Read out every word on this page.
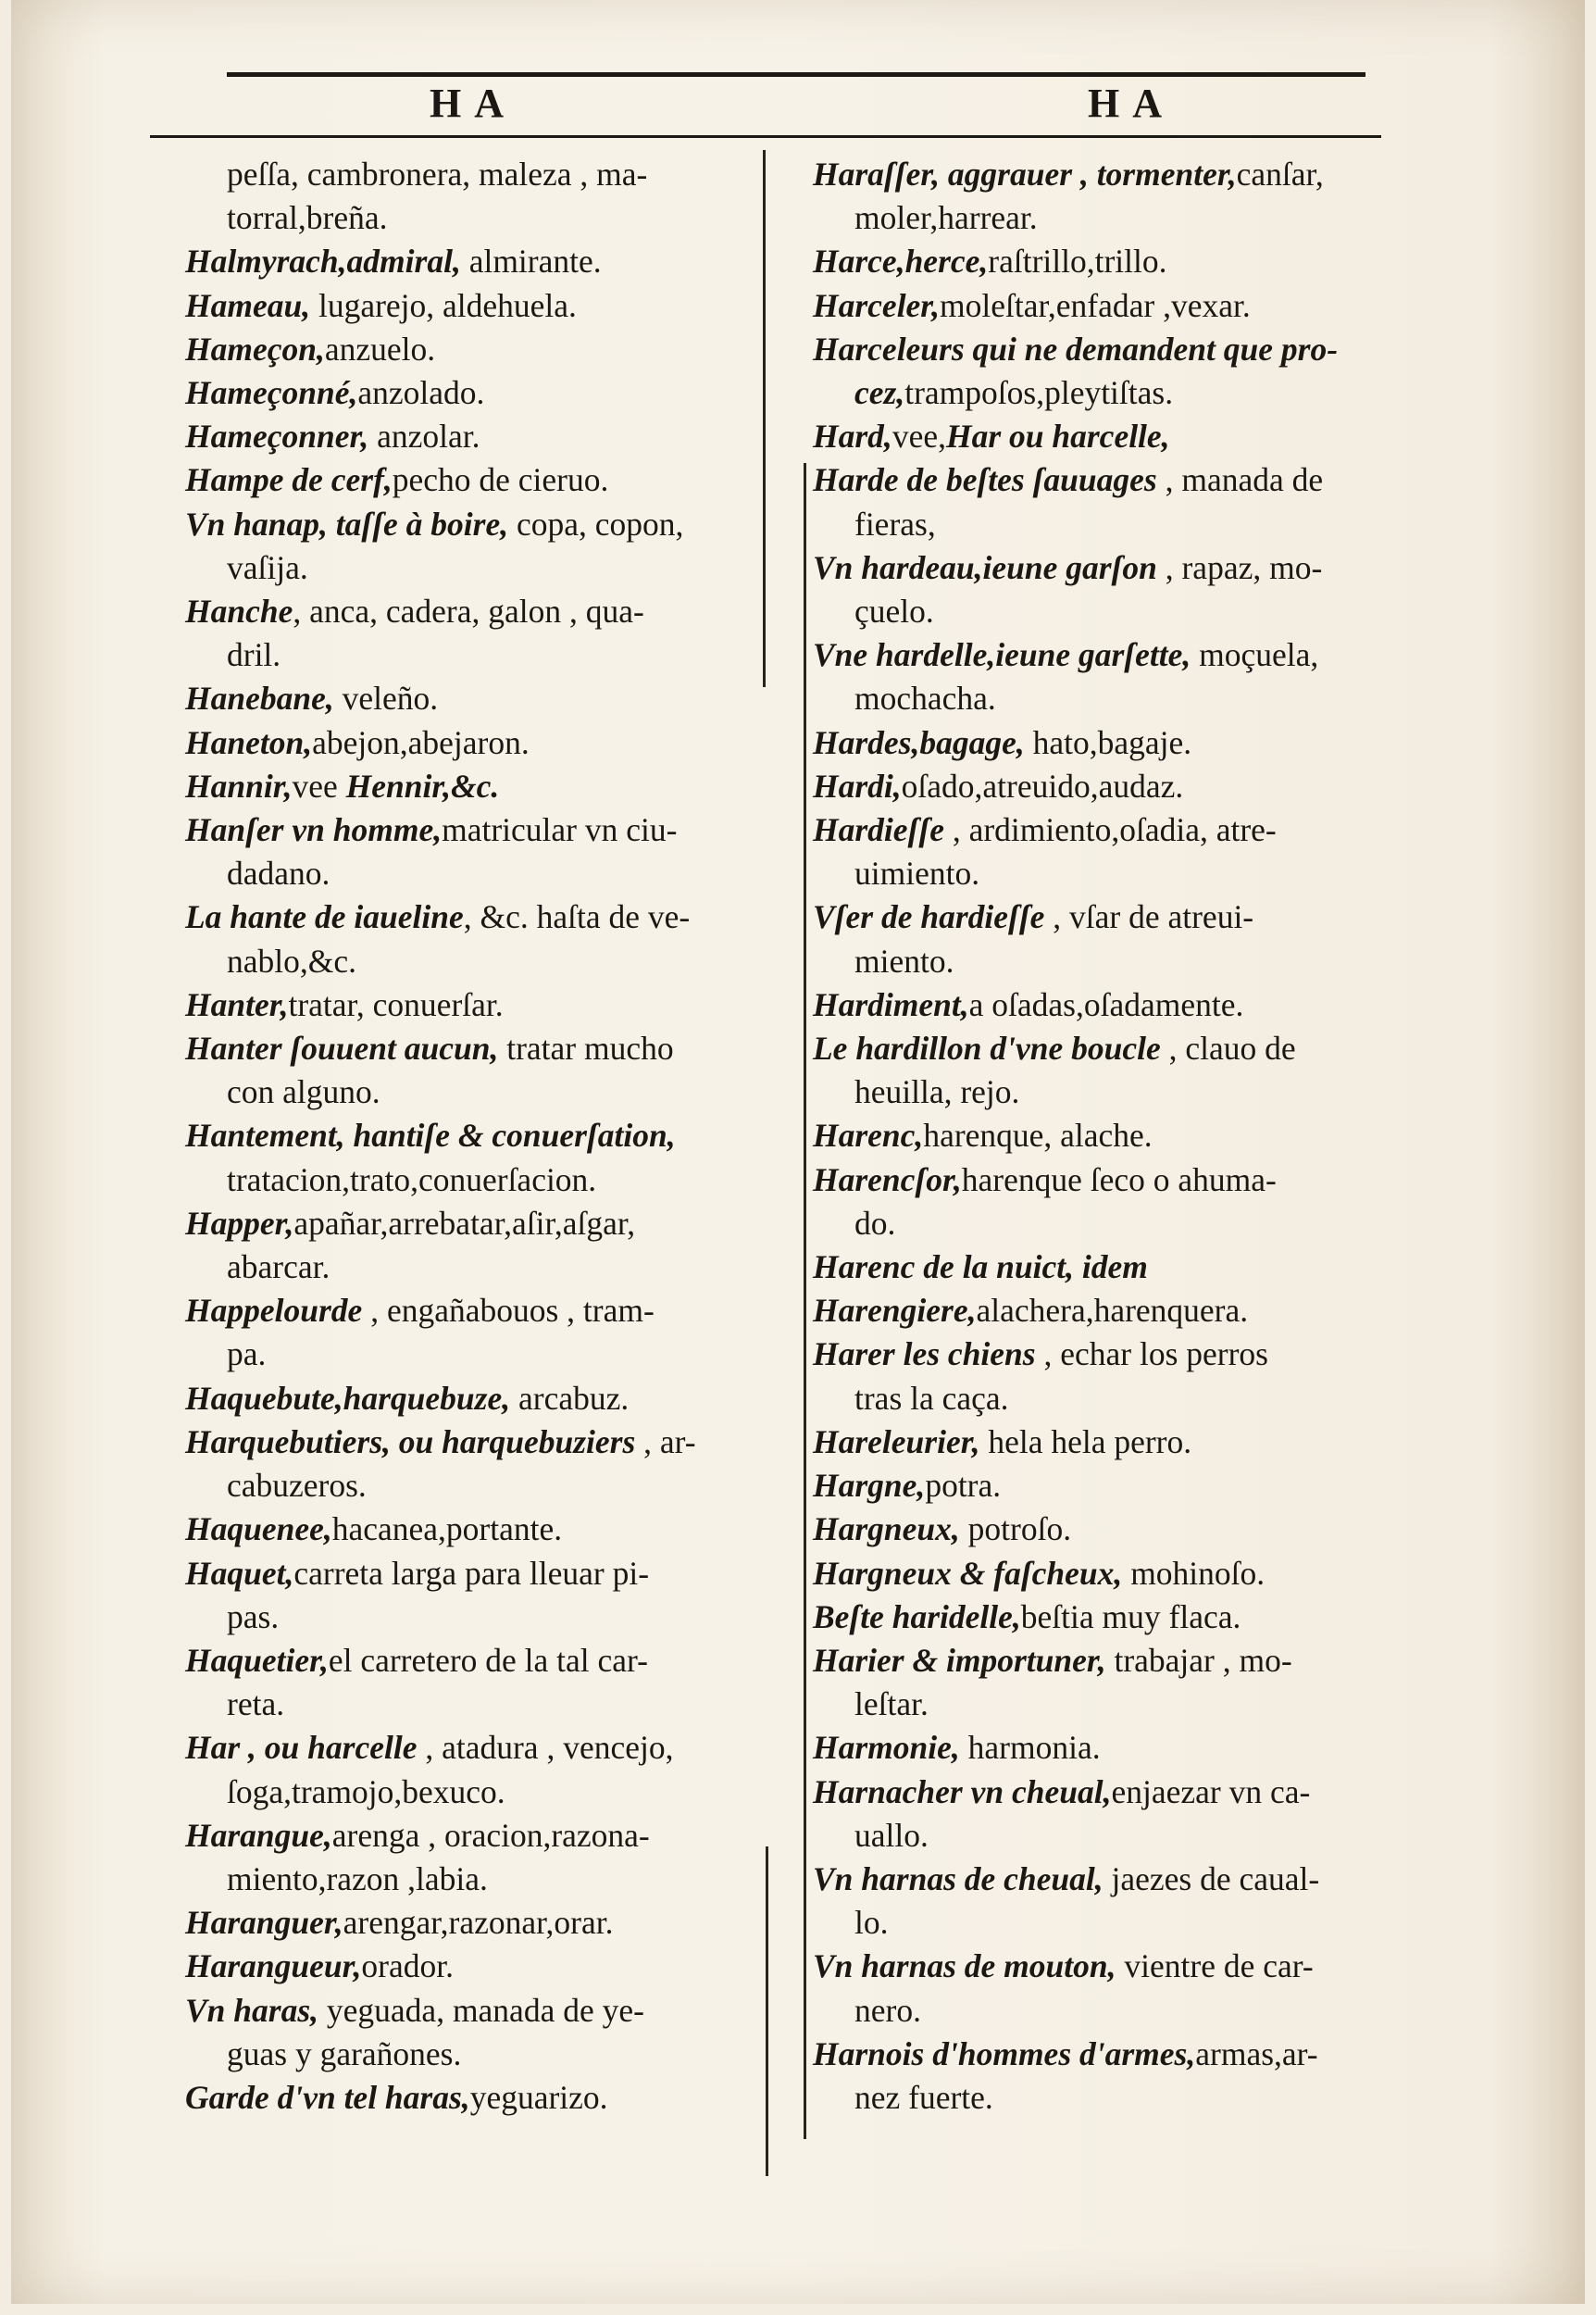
HA	HA

peſſa, cambronera, maleza , ma-

torral,breña.

Halmyrach,admiral, almirante.

Hameau, lugarejo, aldehuela.

Hameçon,anzuelo.

Hameçonné,anzolado.

Hameçonner, anzolar.

Hampe de cerf,pecho de cieruo.

Vn hanap, taſſe à boire, copa, copon,

vaſija.

Hanche, anca, cadera, galon , qua-

dril.

Hanebane, veleño.

Haneton,abejon,abejaron.

Hannir,vee Hennir,&c.

Hanſer vn homme,matricular vn ciu-

dadano.

La hante de iaueline, &c. haſta de ve-

nablo,&c.

Hanter,tratar, conuerſar.

Hanter ſouuent aucun, tratar mucho

con alguno.

Hantement, hantiſe & conuerſation,

tratacion,trato,conuerſacion.

Happer,apañar,arrebatar,aſir,aſgar,

abarcar.

Happelourde , engañabouos , tram-

pa.

Haquebute,harquebuze, arcabuz.

Harquebutiers, ou harquebuziers , ar-

cabuzeros.

Haquenee,hacanea,portante.

Haquet,carreta larga para lleuar pi-

pas.

Haquetier,el carretero de la tal car-

reta.

Har , ou harcelle , atadura , vencejo,

ſoga,tramojo,bexuco.

Harangue,arenga , oracion,razona-

miento,razon ,labia.

Haranguer,arengar,razonar,orar.

Harangueur,orador.

Vn haras, yeguada, manada de ye-

guas y garañones.

Garde d'vn tel haras,yeguarizo.

Haraſſer, aggrauer , tormenter,canſar,

moler,harrear.

Harce,herce,raſtrillo,trillo.

Harceler,moleſtar,enfadar ,vexar.

Harceleurs qui ne demandent que pro-

cez,trampoſos,pleytiſtas.

Hard,vee,Har ou harcelle,

Harde de beſtes ſauuages , manada de

fieras,

Vn hardeau,ieune garſon , rapaz, mo-

çuelo.

Vne hardelle,ieune garſette, moçuela,

mochacha.

Hardes,bagage, hato,bagaje.

Hardi,oſado,atreuido,audaz.

Hardieſſe , ardimiento,oſadia, atre-

uimiento.

Vſer de hardieſſe , vſar de atreui-

miento.

Hardiment,a oſadas,oſadamente.

Le hardillon d'vne boucle , clauo de

heuilla, rejo.

Harenc,harenque, alache.

Harencſor,harenque ſeco o ahuma-

do.

Harenc de la nuict, idem

Harengiere,alachera,harenquera.

Harer les chiens , echar los perros

tras la caça.

Hareleurier, hela hela perro.

Hargne,potra.

Hargneux, potroſo.

Hargneux & faſcheux, mohinoſo.

Beſte haridelle,beſtia muy flaca.

Harier & importuner, trabajar , mo-

leſtar.

Harmonie, harmonia.

Harnacher vn cheual,enjaezar vn ca-

uallo.

Vn harnas de cheual, jaezes de caual-

lo.

Vn harnas de mouton, vientre de car-

nero.

Harnois d'hommes d'armes,armas,ar-

nez fuerte.
